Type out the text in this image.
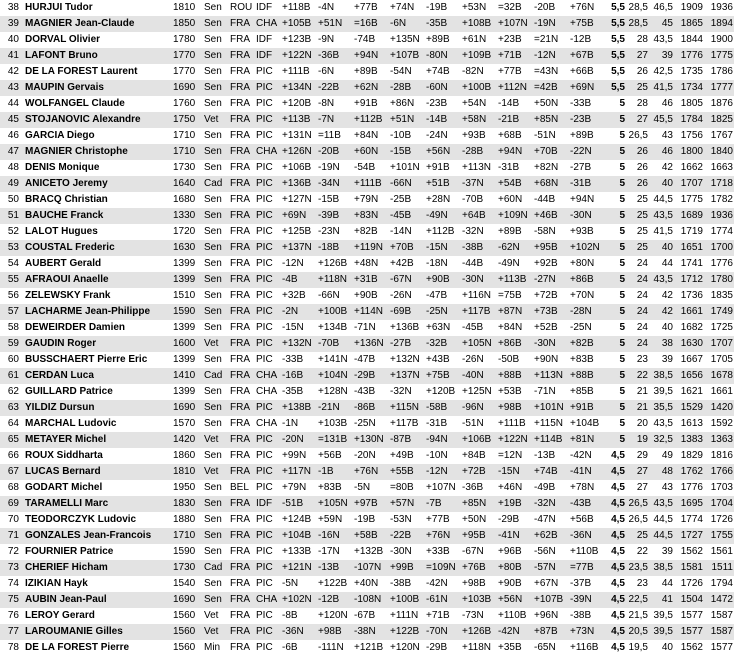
38	HURJUI Tudor	1810	Sen	ROU	IDF	+118B	-4N	+77B	+74N	-19B	+53N	=32B	-20B	+76N	5,5	28,5	46,5	1909	1936
39	MAGNIER Jean-Claude	1850	Sen	FRA	CHA	+105B	+51N	=16B	-6N	-35B	+108B	+107N	-19N	+75B	5,5	28,5	45	1865	1894
40	DORVAL Olivier	1780	Sen	FRA	IDF	+123B	-9N	-74B	+135N	+89B	+61N	+23B	=21N	-12B	5,5	28	43,5	1844	1900
41	LAFONT Bruno	1770	Sen	FRA	IDF	+122N	-36B	+94N	+107B	-80N	+109B	+71B	-12N	+67B	5,5	27	39	1776	1775
42	DE LA FOREST Laurent	1770	Sen	FRA	PIC	+111B	-6N	+89B	-54N	+74B	-82N	+77B	=43N	+66B	5,5	26	42,5	1735	1786
43	MAUPIN Gervais	1690	Sen	FRA	PIC	+134N	-22B	+62N	-28B	-60N	+100B	+112N	=42B	+69N	5,5	25	41,5	1734	1777
44	WOLFANGEL Claude	1760	Sen	FRA	PIC	+120B	-8N	+91B	+86N	-23B	+54N	-14B	+50N	-33B	5	28	46	1805	1876
45	STOJANOVIC Alexandre	1750	Vet	FRA	PIC	+113B	-7N	+112B	+51N	-14B	+58N	-21B	+85N	-23B	5	27	45,5	1784	1825
46	GARCIA Diego	1710	Sen	FRA	PIC	+131N	=11B	+84N	-10B	-24N	+93B	+68B	-51N	+89B	5	26,5	43	1756	1767
47	MAGNIER Christophe	1710	Sen	FRA	CHA	+126N	-20B	+60N	-15B	+56N	-28B	+94N	+70B	-22N	5	26	46	1800	1840
48	DENIS Monique	1730	Sen	FRA	PIC	+106B	-19N	-54B	+101N	+91B	+113N	-31B	+82N	-27B	5	26	42	1662	1663
49	ANICETO Jeremy	1640	Cad	FRA	PIC	+136B	-34N	+111B	-66N	+51B	-37N	+54B	+68N	-31B	5	26	40	1707	1718
50	BRACQ Christian	1680	Sen	FRA	PIC	+127N	-15B	+79N	-25B	+28N	-70B	+60N	-44B	+94N	5	25	44,5	1775	1782
51	BAUCHE Franck	1330	Sen	FRA	PIC	+69N	-39B	+83N	-45B	-49N	+64B	+109N	+46B	-30N	5	25	43,5	1689	1936
52	LALOT Hugues	1720	Sen	FRA	PIC	+125B	-23N	+82B	-14N	+112B	-32N	+89B	-58N	+93B	5	25	41,5	1719	1774
53	COUSTAL Frederic	1630	Sen	FRA	PIC	+137N	-18B	+119N	+70B	-15N	-38B	-62N	+95B	+102N	5	25	40	1651	1700
54	AUBERT Gerald	1399	Sen	FRA	PIC	-12N	+126B	+48N	+42B	-18N	-44B	-49N	+92B	+80N	5	24	44	1741	1776
55	AFRAOUI Anaelle	1399	Sen	FRA	PIC	-4B	+118N	+31B	-67N	+90B	-30N	+113B	-27N	+86B	5	24	43,5	1712	1780
56	ZELEWSKY Frank	1510	Sen	FRA	PIC	+32B	-66N	+90B	-26N	-47B	+116N	=75B	+72B	+70N	5	24	42	1736	1835
57	LACHARME Jean-Philippe	1590	Sen	FRA	PIC	-2N	+100B	+114N	-69B	-25N	+117B	+87N	+73B	-28N	5	24	42	1661	1749
58	DEWEIRDER Damien	1399	Sen	FRA	PIC	-15N	+134B	-71N	+136B	+63N	-45B	+84N	+52B	-25N	5	24	40	1682	1725
59	GAUDIN Roger	1600	Vet	FRA	PIC	+132N	-70B	+136N	-27B	-32B	+105N	+86B	-30N	+82B	5	24	38	1630	1707
60	BUSSCHAERT Pierre Eric	1399	Sen	FRA	PIC	-33B	+141N	-47B	+132N	+43B	-26N	-50B	+90N	+83B	5	23	39	1667	1705
61	CERDAN Luca	1410	Cad	FRA	CHA	-16B	+104N	-29B	+137N	+75B	-40N	+88B	+113N	+88B	5	22	38,5	1656	1678
62	GUILLARD Patrice	1399	Sen	FRA	CHA	-35B	+128N	-43B	-32N	+120B	+125N	+53B	-71N	+85B	5	21	39,5	1621	1661
63	YILDIZ Dursun	1690	Sen	FRA	PIC	+138B	-21N	-86B	+115N	-58B	-96N	+98B	+101N	+91B	5	21	35,5	1529	1420
64	MARCHAL Ludovic	1570	Sen	FRA	CHA	-1N	+103B	-25N	+117B	-31B	-51N	+111B	+115N	+104B	5	20	43,5	1613	1592
65	METAYER Michel	1420	Vet	FRA	PIC	-20N	=131B	+130N	-87B	-94N	+106B	+122N	+114B	+81N	5	19	32,5	1383	1363
66	ROUX Siddharta	1860	Sen	FRA	PIC	+99N	+56B	-20N	+49B	-10N	+84B	=12N	-13B	-42N	4,5	29	49	1829	1816
67	LUCAS Bernard	1810	Vet	FRA	PIC	+117N	-1B	+76N	+55B	-12N	+72B	-15N	+74B	-41N	4,5	27	48	1762	1766
68	GODART Michel	1950	Sen	BEL	PIC	+79N	+83B	-5N	=80B	+107N	-36B	+46N	-49B	+78N	4,5	27	43	1776	1703
69	TARAMELLI Marc	1830	Sen	FRA	IDF	-51B	+105N	+97B	+57N	-7B	+85N	+19B	-32N	-43B	4,5	26,5	43,5	1695	1704
70	TEODORCZYK Ludovic	1880	Sen	FRA	PIC	+124B	+59N	-19B	-53N	+77B	+50N	-29B	-47N	+56B	4,5	26,5	44,5	1774	1726
71	GONZALES Jean-Francois	1710	Sen	FRA	PIC	+104B	-16N	+58B	-22B	+76N	+95B	-41N	+62B	-36N	4,5	25	44,5	1727	1755
72	FOURNIER Patrice	1590	Sen	FRA	PIC	+133B	-17N	+132B	-30N	+33B	-67N	+96B	-56N	+110B	4,5	22	39	1562	1561
73	CHERIEF Hicham	1730	Cad	FRA	PIC	+121N	-13B	-107N	+99B	=109N	+76B	+80B	-57N	=77B	4,5	23,5	38,5	1581	1511
74	IZIKIAN Hayk	1540	Sen	FRA	PIC	-5N	+122B	+40N	-38B	-42N	+98B	+90B	+67N	-37B	4,5	23	44	1726	1794
75	AUBIN Jean-Paul	1690	Sen	FRA	CHA	+102N	-12B	-108N	+100B	-61N	+103B	+56N	+107B	-39N	4,5	22,5	41	1504	1472
76	LEROY Gerard	1560	Vet	FRA	PIC	-8B	+120N	-67B	+111N	+71B	-73N	+110B	+96N	-38B	4,5	21,5	39,5	1577	1587
77	LAROUMANIE Gilles	1560	Vet	FRA	PIC	-36N	+98B	-38N	+122B	-70N	+126B	-42N	+87B	+73N	4,5	20,5	39,5	1577	1587
78	DE LA FOREST Pierre	1560	Min	FRA	PIC	-6B	-111N	+121B	+120N	-29B	+118N	+35B	-65N	+116B	4,5	19,5	40	1562	1577
